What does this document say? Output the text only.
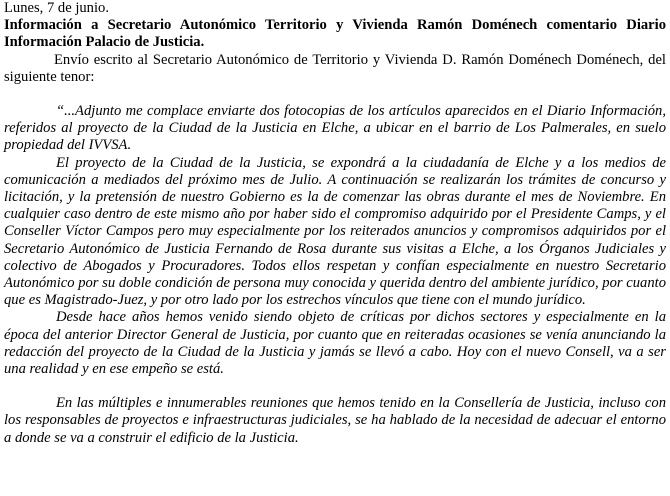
Lunes, 7 de junio.

Información a Secretario Autonómico Territorio y Vivienda Ramón Doménech comentario Diario Información Palacio de Justicia.

Envío escrito al Secretario Autonómico de Territorio y Vivienda D. Ramón Doménech Doménech, del siguiente tenor:

“...Adjunto me complace enviarte dos fotocopias de los artículos aparecidos en el Diario Información, referidos al proyecto de la Ciudad de la Justicia en Elche, a ubicar en el barrio de Los Palmerales, en suelo propiedad del IVVSA.

El proyecto de la Ciudad de la Justicia, se expondrá a la ciudadanía de Elche y a los medios de comunicación a mediados del próximo mes de Julio. A continuación se realizarán los trámites de concurso y licitación, y la pretensión de nuestro Gobierno es la de comenzar las obras durante el mes de Noviembre. En cualquier caso dentro de este mismo año por haber sido el compromiso adquirido por el Presidente Camps, y el Conseller Víctor Campos pero muy especialmente por los reiterados anuncios y compromisos adquiridos por el Secretario Autonómico de Justicia Fernando de Rosa durante sus visitas a Elche, a los Órganos Judiciales y colectivo de Abogados y Procuradores. Todos ellos respetan y confían especialmente en nuestro Secretario Autonómico por su doble condición de persona muy conocida y querida dentro del ambiente jurídico, por cuanto que es Magistrado-Juez, y por otro lado por los estrechos vínculos que tiene con el mundo jurídico.

Desde hace años hemos venido siendo objeto de críticas por dichos sectores y especialmente en la época del anterior Director General de Justicia, por cuanto que en reiteradas ocasiones se venía anunciando la redacción del proyecto de la Ciudad de la Justicia y jamás se llevó a cabo. Hoy con el nuevo Consell, va a ser una realidad y en ese empeño se está.

En las múltiples e innumerables reuniones que hemos tenido en la Consellería de Justicia, incluso con los responsables de proyectos e infraestructuras judiciales, se ha hablado de la necesidad de adecuar el entorno a donde se va a construir el edificio de la Justicia.
